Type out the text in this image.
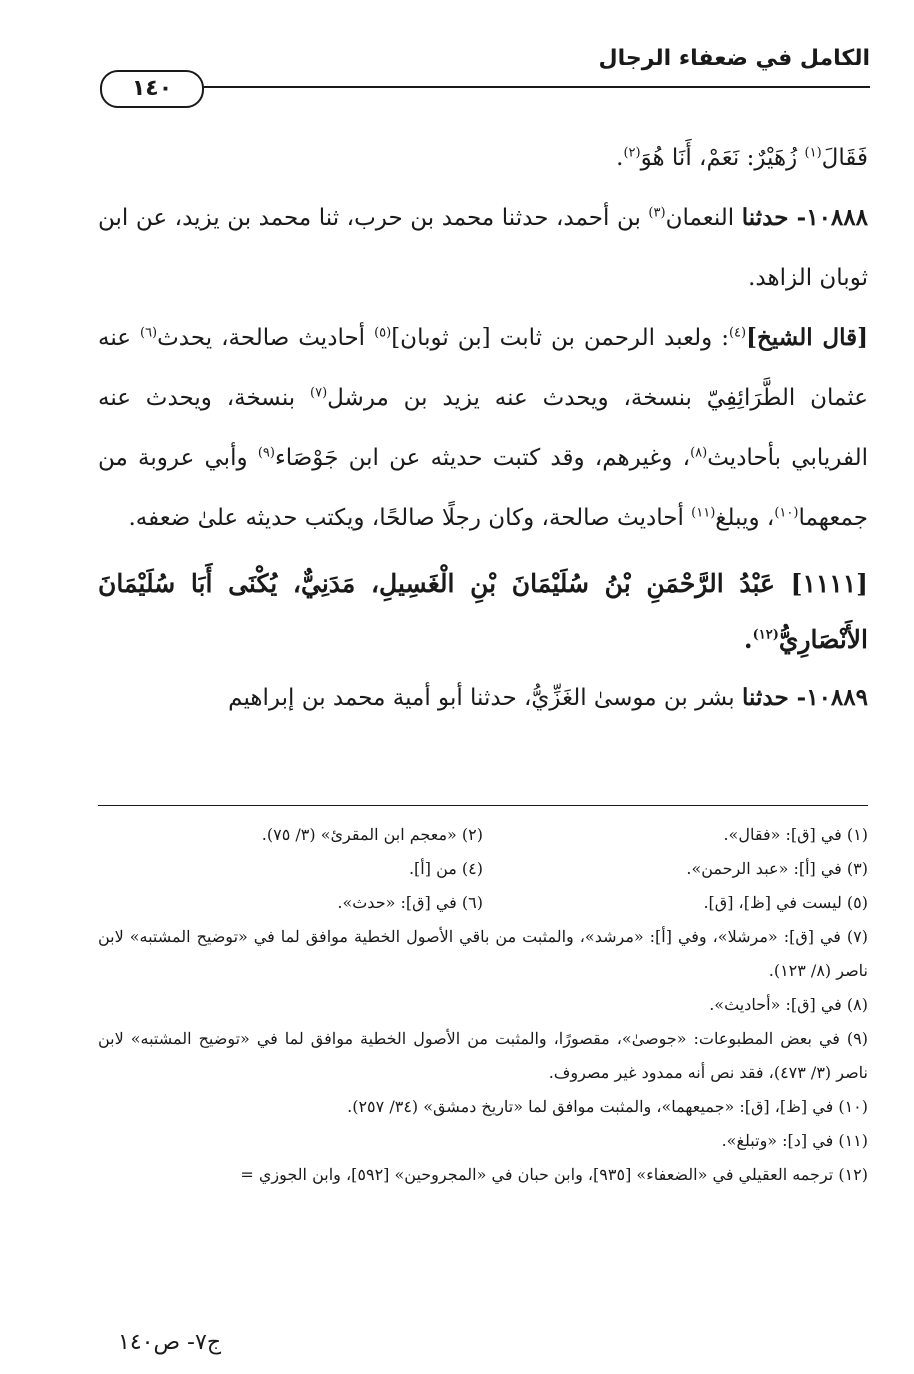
الكامل في ضعفاء الرجال
١٤٠

فَقَالَ$^{(١)}$ زُهَيْرٌ: نَعَمْ، أَنَا هُوَ$^{(٢)}$.

١٠٨٨٨- حدثنا النعمان$^{(٣)}$ بن أحمد، حدثنا محمد بن حرب، ثنا محمد بن يزيد، عن ابن ثوبان الزاهد.

[قال الشيخ]$^{(٤)}$: ولعبد الرحمن بن ثابت [بن ثوبان]$^{(٥)}$ أحاديث صالحة، يحدث$^{(٦)}$ عنه عثمان الطَّرَائِفِيّ بنسخة، ويحدث عنه يزيد بن مرشل$^{(٧)}$ بنسخة، ويحدث عنه الفريابي بأحاديث$^{(٨)}$، وغيرهم، وقد كتبت حديثه عن ابن جَوْصَاء$^{(٩)}$ وأبي عروبة من جمعهما$^{(١٠)}$، ويبلغ$^{(١١)}$ أحاديث صالحة، وكان رجلًا صالحًا، ويكتب حديثه علىٰ ضعفه.

[١١١١] عَبْدُ الرَّحْمَنِ بْنُ سُلَيْمَانَ بْنِ الْغَسِيلِ، مَدَنِيٌّ، يُكْنَى أَبَا سُلَيْمَانَ الأَنْصَارِيُّ$^{(١٢)}$.

١٠٨٨٩- حدثنا بشر بن موسىٰ الغَزِّيُّ، حدثنا أبو أمية محمد بن إبراهيم

(١) في [ق]: «فقال».
(٢) «معجم ابن المقرئ» (٣/ ٧٥).
(٣) في [أ]: «عبد الرحمن».
(٤) من [أ].
(٥) ليست في [ظ]، [ق].
(٦) في [ق]: «حدث».
(٧) في [ق]: «مرشلا»، وفي [أ]: «مرشد»، والمثبت من باقي الأصول الخطية موافق لما في «توضيح المشتبه» لابن ناصر (٨/ ١٢٣).
(٨) في [ق]: «أحاديث».
(٩) في بعض المطبوعات: «جوصىٰ»، مقصورًا، والمثبت من الأصول الخطية موافق لما في «توضيح المشتبه» لابن ناصر (٣/ ٤٧٣)، فقد نص أنه ممدود غير مصروف.
(١٠) في [ظ]، [ق]: «جميعهما»، والمثبت موافق لما «تاريخ دمشق» (٣٤/ ٢٥٧).
(١١) في [د]: «وتبلغ».
(١٢) ترجمه العقيلي في «الضعفاء» [٩٣٥]، وابن حبان في «المجروحين» [٥٩٢]، وابن الجوزي =
ج٧- ص١٤٠
